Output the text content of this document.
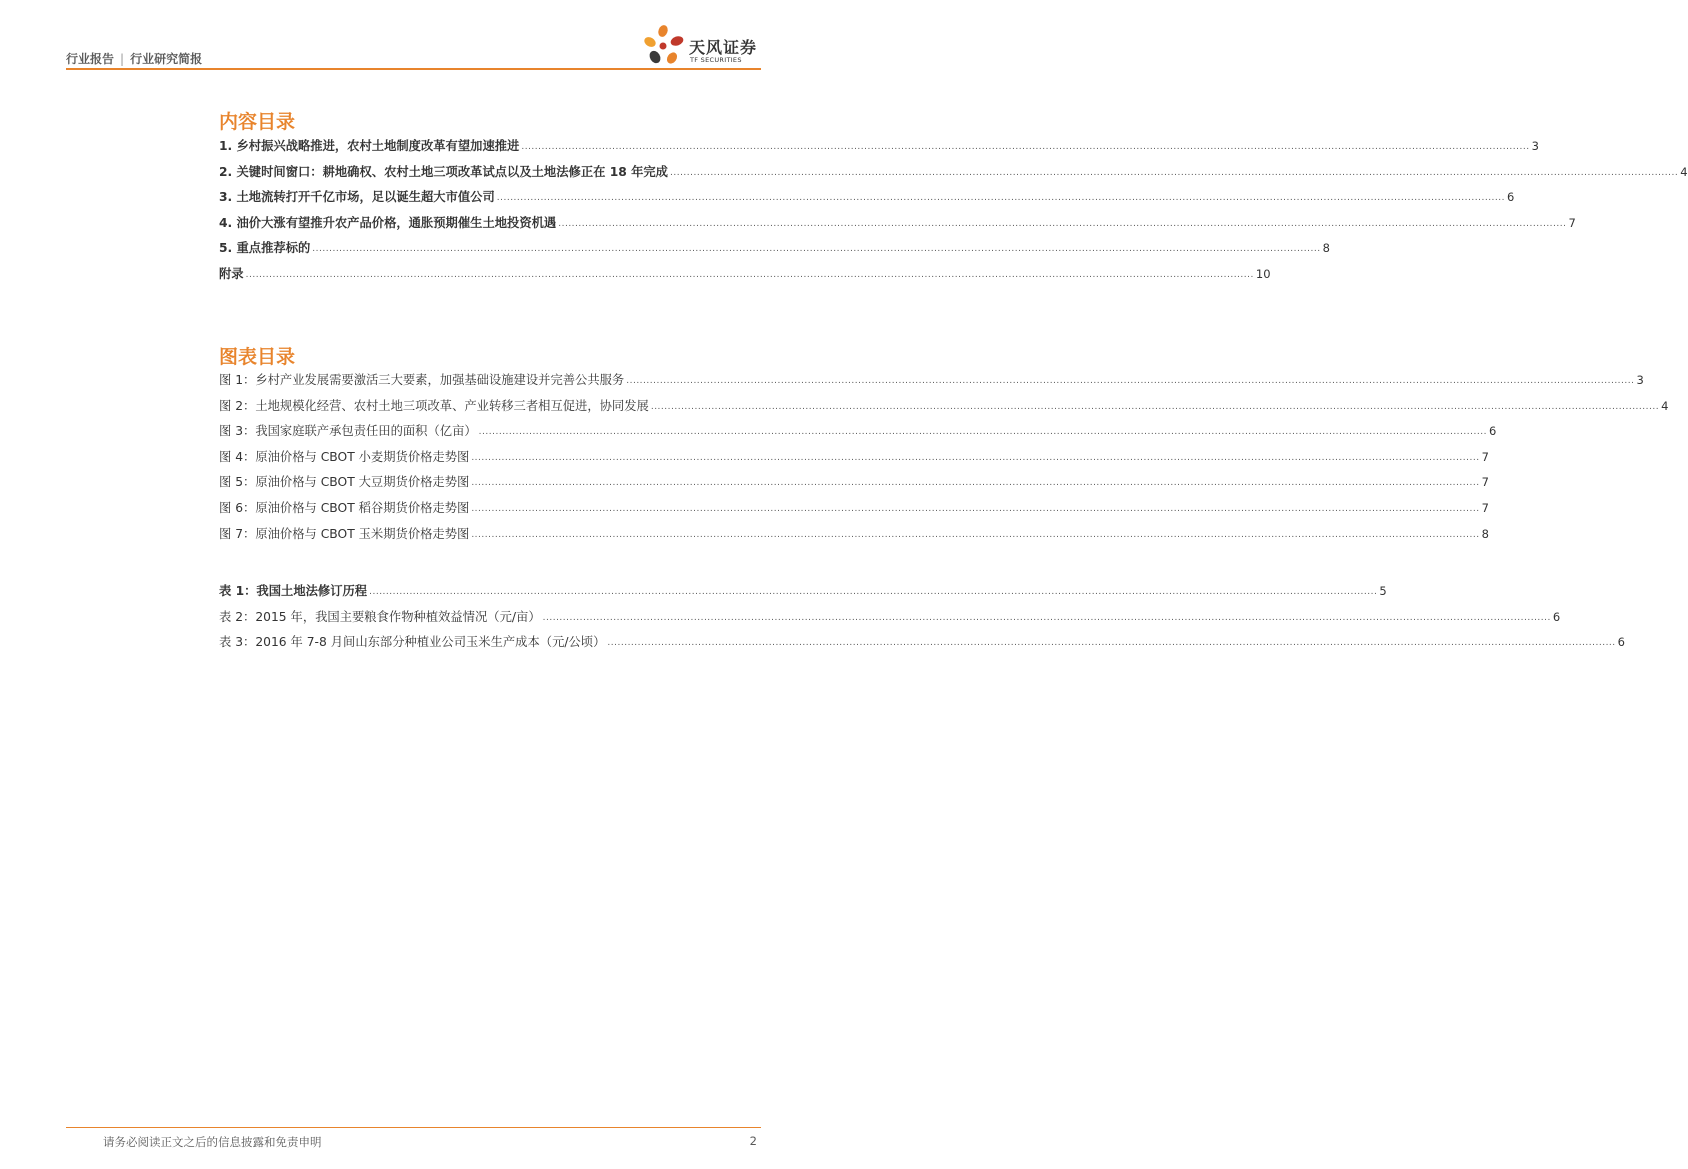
行业报告 | 行业研究简报
天风证券
TF SECURITIES
内容目录
1. 乡村振兴战略推进，农村土地制度改革有望加速推进 ............................................................................................................................................................................................................................................................................................................ 3
2. 关键时间窗口：耕地确权、农村土地三项改革试点以及土地法修正在 18 年完成 ............................................................................................................................................................................................................................................................................................................ 4
3. 土地流转打开千亿市场，足以诞生超大市值公司 ............................................................................................................................................................................................................................................................................................................ 6
4. 油价大涨有望推升农产品价格，通胀预期催生土地投资机遇 ............................................................................................................................................................................................................................................................................................................ 7
5. 重点推荐标的 ............................................................................................................................................................................................................................................................................................................ 8
附录 ............................................................................................................................................................................................................................................................................................................ 10
图表目录
图 1：乡村产业发展需要激活三大要素，加强基础设施建设并完善公共服务 ............................................................................................................................................................................................................................................................................................................ 3
图 2：土地规模化经营、农村土地三项改革、产业转移三者相互促进，协同发展 ............................................................................................................................................................................................................................................................................................................ 4
图 3：我国家庭联产承包责任田的面积（亿亩） ............................................................................................................................................................................................................................................................................................................ 6
图 4：原油价格与 CBOT 小麦期货价格走势图 ............................................................................................................................................................................................................................................................................................................ 7
图 5：原油价格与 CBOT 大豆期货价格走势图 ............................................................................................................................................................................................................................................................................................................ 7
图 6：原油价格与 CBOT 稻谷期货价格走势图 ............................................................................................................................................................................................................................................................................................................ 7
图 7：原油价格与 CBOT 玉米期货价格走势图 ............................................................................................................................................................................................................................................................................................................ 8
表 1：我国土地法修订历程 ............................................................................................................................................................................................................................................................................................................ 5
表 2：2015 年，我国主要粮食作物种植效益情况（元/亩） ............................................................................................................................................................................................................................................................................................................ 6
表 3：2016 年 7-8 月间山东部分种植业公司玉米生产成本（元/公顷） ............................................................................................................................................................................................................................................................................................................ 6
请务必阅读正文之后的信息披露和免责申明	2
